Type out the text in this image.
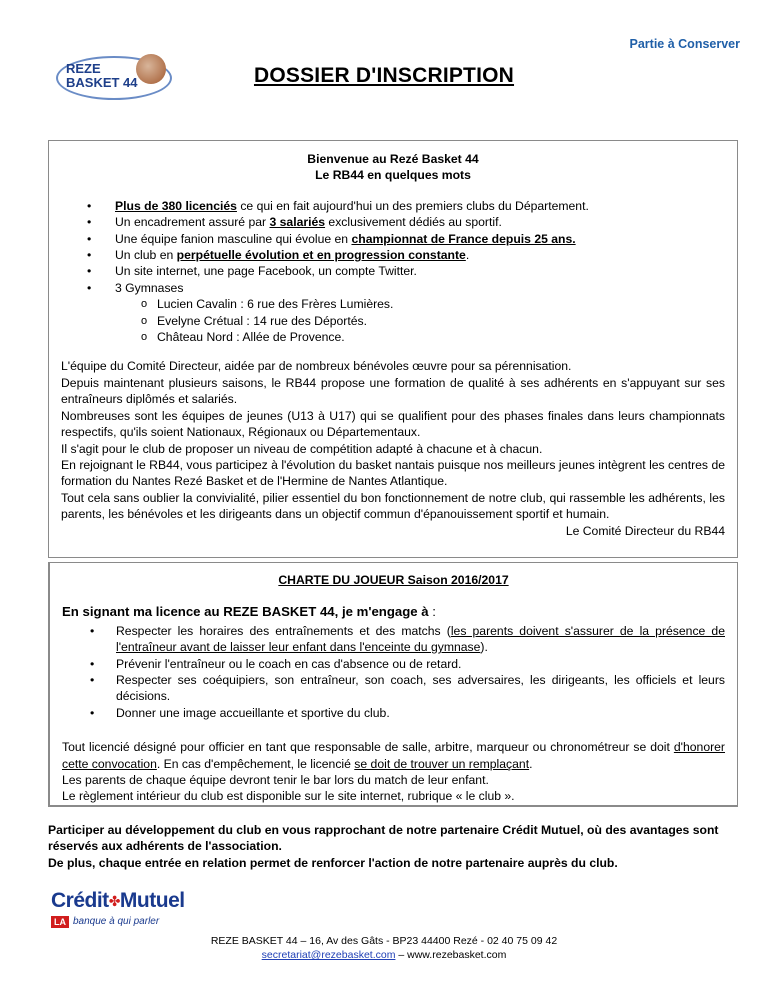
Partie à Conserver
REZE
BASKET 44	DOSSIER D'INSCRIPTION
Bienvenue au Rezé Basket 44
Le RB44 en quelques mots
• Plus de 380 licenciés ce qui en fait aujourd'hui un des premiers clubs du Département.
• Un encadrement assuré par 3 salariés exclusivement dédiés au sportif.
• Une équipe fanion masculine qui évolue en championnat de France depuis 25 ans.
• Un club en perpétuelle évolution et en progression constante.
• Un site internet, une page Facebook, un compte Twitter.
• 3 Gymnases
o Lucien Cavalin : 6 rue des Frères Lumières.
o Evelyne Crétual : 14 rue des Déportés.
o Château Nord : Allée de Provence.

L'équipe du Comité Directeur, aidée par de nombreux bénévoles œuvre pour sa pérennisation.

Depuis maintenant plusieurs saisons, le RB44 propose une formation de qualité à ses adhérents en s'appuyant sur ses entraîneurs diplômés et salariés.

Nombreuses sont les équipes de jeunes (U13 à U17) qui se qualifient pour des phases finales dans leurs championnats respectifs, qu'ils soient Nationaux, Régionaux ou Départementaux.

Il s'agit pour le club de proposer un niveau de compétition adapté à chacune et à chacun.

En rejoignant le RB44, vous participez à l'évolution du basket nantais puisque nos meilleurs jeunes intègrent les centres de formation du Nantes Rezé Basket et de l'Hermine de Nantes Atlantique.

Tout cela sans oublier la convivialité, pilier essentiel du bon fonctionnement de notre club, qui rassemble les adhérents, les parents, les bénévoles et les dirigeants dans un objectif commun d'épanouissement sportif et humain.

Le Comité Directeur du RB44

CHARTE DU JOUEUR Saison 2016/2017
En signant ma licence au REZE BASKET 44, je m'engage à :
• Respecter les horaires des entraînements et des matchs (les parents doivent s'assurer de la présence de l'entraîneur avant de laisser leur enfant dans l'enceinte du gymnase).
• Prévenir l'entraîneur ou le coach en cas d'absence ou de retard.
• Respecter ses coéquipiers, son entraîneur, son coach, ses adversaires, les dirigeants, les officiels et leurs décisions.
• Donner une image accueillante et sportive du club.

Tout licencié désigné pour officier en tant que responsable de salle, arbitre, marqueur ou chronométreur se doit d'honorer cette convocation. En cas d'empêchement, le licencié se doit de trouver un remplaçant.

Les parents de chaque équipe devront tenir le bar lors du match de leur enfant.

Le règlement intérieur du club est disponible sur le site internet, rubrique « le club ».

Participer au développement du club en vous rapprochant de notre partenaire Crédit Mutuel, où des avantages sont réservés aux adhérents de l'association.

De plus, chaque entrée en relation permet de renforcer l'action de notre partenaire auprès du club.

Crédit✤Mutuel
LA banque à qui parler
REZE BASKET 44 – 16, Av des Gâts - BP23 44400 Rezé - 02 40 75 09 42
secretariat@rezebasket.com – www.rezebasket.com
